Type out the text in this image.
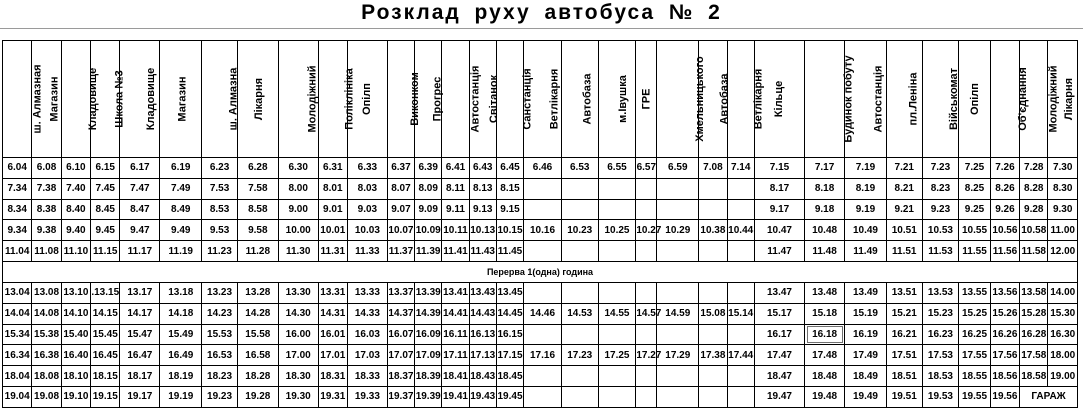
Розклад руху автобуса № 2
ш. Алмазная	Магазин	Кладовище	Школа №3	Кладовище	Магазин	ш. Алмазна	Лікарня	Молодіжний	Поліклініка	Опілп	Виконком	Прогрес	Автостанція	Світанок	Санстанція	Ветлікарня	Автобаза	м.Івушка	ГРЕ	Хмельницького	Автобаза	Ветлікарня	Кільце	Будинок побуту	Автостанція	пл.Леніна	Військомат	Опілп	Об'єднання	Молодіжний	Лікарня
6.04	6.08	6.10	6.15	6.17	6.19	6.23	6.28	6.30	6.31	6.33	6.37	6.39	6.41	6.43	6.45	6.46	6.53	6.55	6.57	6.59	7.08	7.14	7.15	7.17	7.19	7.21	7.23	7.25	7.26	7.28	7.30
7.34	7.38	7.40	7.45	7.47	7.49	7.53	7.58	8.00	8.01	8.03	8.07	8.09	8.11	8.13	8.15								8.17	8.18	8.19	8.21	8.23	8.25	8.26	8.28	8.30
8.34	8.38	8.40	8.45	8.47	8.49	8.53	8.58	9.00	9.01	9.03	9.07	9.09	9.11	9.13	9.15								9.17	9.18	9.19	9.21	9.23	9.25	9.26	9.28	9.30
9.34	9.38	9.40	9.45	9.47	9.49	9.53	9.58	10.00	10.01	10.03	10.07	10.09	10.11	10.13	10.15	10.16	10.23	10.25	10.27	10.29	10.38	10.44	10.47	10.48	10.49	10.51	10.53	10.55	10.56	10.58	11.00
11.04	11.08	11.10	11.15	11.17	11.19	11.23	11.28	11.30	11.31	11.33	11.37	11.39	11.41	11.43	11.45								11.47	11.48	11.49	11.51	11.53	11.55	11.56	11.58	12.00
Перерва 1(одна) година																															
13.04	13.08	13.10	.13.15	13.17	13.18	13.23	13.28	13.30	13.31	13.33	13.37	13.39	13.41	13.43	13.45								13.47	13.48	13.49	13.51	13.53	13.55	13.56	13.58	14.00
14.04	14.08	14.10	14.15	14.17	14.18	14.23	14.28	14.30	14.31	14.33	14.37	14.39	14.41	14.43	14.45	14.46	14.53	14.55	14.57	14.59	15.08	15.14	15.17	15.18	15.19	15.21	15.23	15.25	15.26	15.28	15.30
15.34	15.38	15.40	15.45	15.47	15.49	15.53	15.58	16.00	16.01	16.03	16.07	16.09	16.11	16.13	16.15								16.17	16.18	16.19	16.21	16.23	16.25	16.26	16.28	16.30
16.34	16.38	16.40	16.45	16.47	16.49	16.53	16.58	17.00	17.01	17.03	17.07	17.09	17.11	17.13	17.15	17.16	17.23	17.25	17.27	17.29	17.38	17.44	17.47	17.48	17.49	17.51	17.53	17.55	17.56	17.58	18.00
18.04	18.08	18.10	18.15	18.17	18.19	18.23	18.28	18.30	18.31	18.33	18.37	18.39	18.41	18.43	18.45								18.47	18.48	18.49	18.51	18.53	18.55	18.56	18.58	19.00
19.04	19.08	19.10	19.15	19.17	19.19	19.23	19.28	19.30	19.31	19.33	19.37	19.39	19.41	19.43	19.45								19.47	19.48	19.49	19.51	19.53	19.55	19.56	ГАРАЖ	
